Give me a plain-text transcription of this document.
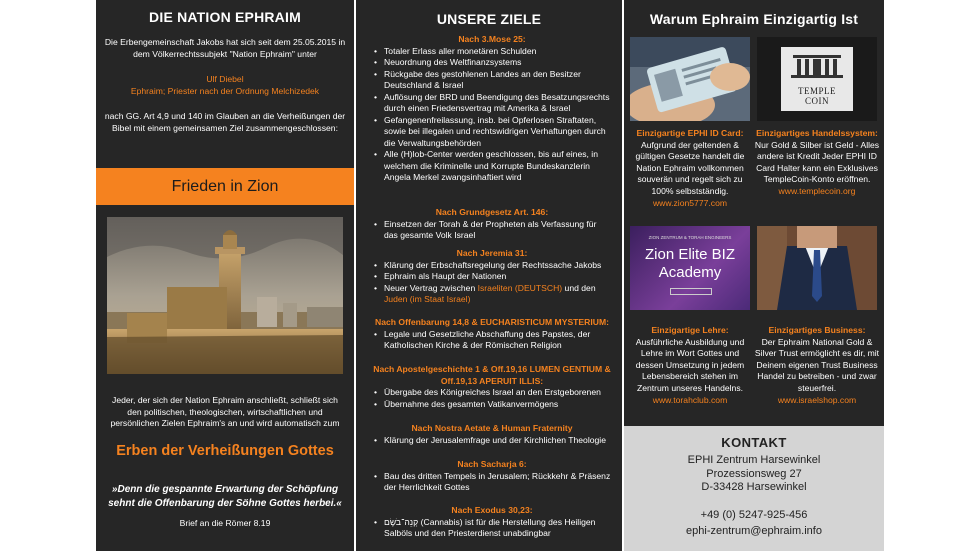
DIE NATION EPHRAIM
Die Erbengemeinschaft Jakobs hat sich seit dem 25.05.2015 in dem Völkerrechtssubjekt "Nation Ephraim" unter
Ulf Diebel
Ephraim; Priester nach der Ordnung Melchizedek
nach GG. Art 4,9 und 140 im Glauben an die Verheißungen der Bibel mit einem gemeinsamen Ziel zusammengeschlossen:
Frieden in Zion
Jeder, der sich der Nation Ephraim anschließt, schließt sich den politischen, theologischen, wirtschaftlichen und persönlichen Zielen Ephraim's an und wird automatisch zum
Erben der Verheißungen Gottes
»Denn die gespannte Erwartung der Schöpfung
sehnt die Offenbarung der Söhne Gottes herbei.«
Brief an die Römer 8.19
UNSERE ZIELE
Nach 3.Mose 25:
• Totaler Erlass aller monetären Schulden
• Neuordnung des Weltfinanzsystems
• Rückgabe des gestohlenen Landes an den Besitzer Deutschland & Israel
• Auflösung der BRD und Beendigung des Besatzungsrechts durch einen Friedensvertrag mit Amerika & Israel
• Gefangenenfreilassung, insb. bei Opferlosen Straftaten, sowie bei illegalen und rechtswidrigen Verhaftungen durch die Verwaltungsbehörden
• Alle (H)lob-Center werden geschlossen, bis auf eines, in welchem die Kriminelle und Korrupte Bundeskanzlerin Angela Merkel zwangsinhaftiert wird
Nach Grundgesetz Art. 146:
• Einsetzen der Torah & der Propheten als Verfassung für das gesamte Volk Israel
Nach Jeremia 31:
• Klärung der Erbschaftsregelung der Rechtssache Jakobs
• Ephraim als Haupt der Nationen
• Neuer Vertrag zwischen Israeliten (DEUTSCH) und den Juden (im Staat Israel)
Nach Offenbarung 14,8 & EUCHARISTICUM MYSTERIUM:
• Legale und Gesetzliche Abschaffung des Papstes, der Katholischen Kirche & der Römischen Religion
Nach Apostelgeschichte 1 & Off.19,16 LUMEN GENTIUM &
Off.19,13 APERUIT ILLIS:
• Übergabe des Königreiches Israel an den Erstgeborenen
• Übernahme des gesamten Vatikanvermögens
Nach Nostra Aetate & Human Fraternity
• Klärung der Jerusalemfrage und der Kirchlichen Theologie
Nach Sacharja 6:
• Bau des dritten Tempels in Jerusalem; Rückkehr & Präsenz der Herrlichkeit Gottes
Nach Exodus 30,23:
• קְנֵה־בֹשֶׂם (Cannabis) ist für die Herstellung des Heiligen Salböls und den Priesterdienst unabdingbar
Warum Ephraim Einzigartig Ist
TEMPLE
COIN
Einzigartige EPHI ID Card:
Aufgrund der geltenden & gültigen Gesetze handelt die Nation Ephraim vollkommen souverän und regelt sich zu 100% selbstständig.
www.zion5777.com
Einzigartiges Handelssystem:
Nur Gold & Silber ist Geld - Alles andere ist Kredit Jeder EPHI ID Card Halter kann ein Exklusives TempleCoin-Konto eröffnen.
www.templecoin.org
ZION ZENTRUM & TORAH ENGINEERS
Zion Elite BIZ
Academy
Einzigartige Lehre:
Ausführliche Ausbildung und Lehre im Wort Gottes und dessen Umsetzung in jedem Lebensbereich stehen im Zentrum unseres Handelns.
www.torahclub.com
Einzigartiges Business:
Der Ephraim National Gold & Silver Trust ermöglicht es dir, mit Deinem eigenen Trust Business Handel zu betreiben - und zwar steuerfrei.
www.israelshop.com
KONTAKT
EPHI Zentrum Harsewinkel
Prozessionsweg 27
D-33428 Harsewinkel
+49 (0) 5247-925-456
ephi-zentrum@ephraim.info
